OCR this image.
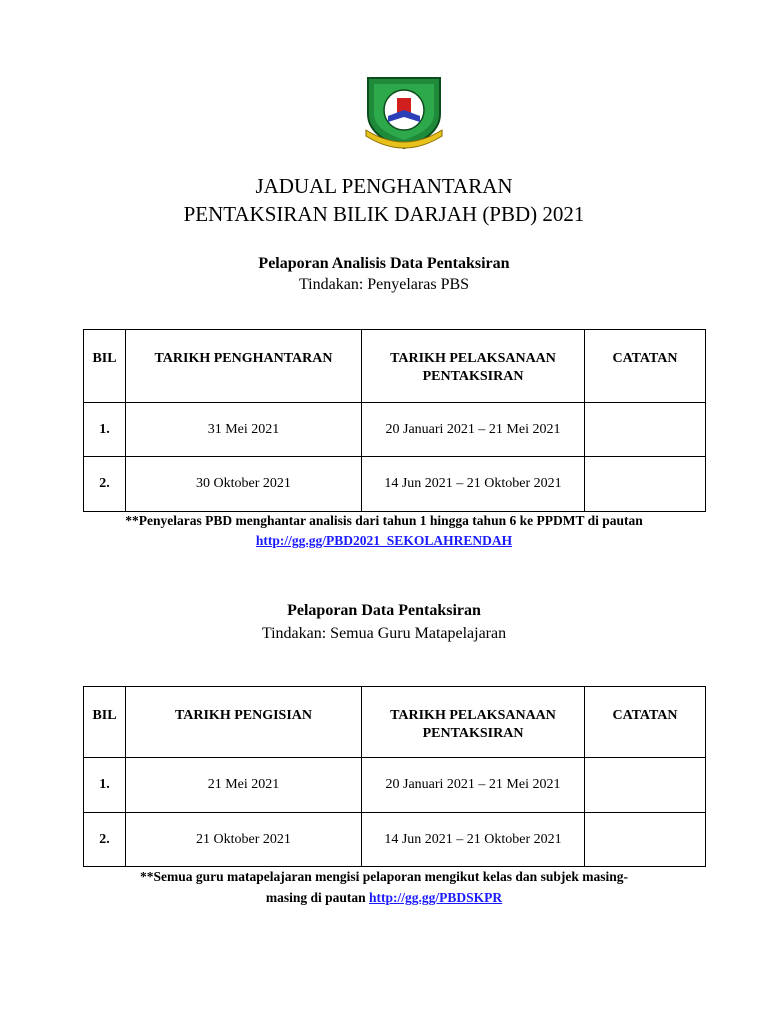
JADUAL PENGHANTARAN
PENTAKSIRAN BILIK DARJAH (PBD) 2021
Pelaporan Analisis Data Pentaksiran
Tindakan: Penyelaras PBS
BIL	TARIKH PENGHANTARAN	TARIKH PELAKSANAAN PENTAKSIRAN	CATATAN
1.	31 Mei 2021	20 Januari 2021 – 21 Mei 2021	
2.	30 Oktober 2021	14 Jun 2021 – 21 Oktober 2021	
**Penyelaras PBD menghantar analisis dari tahun 1 hingga tahun 6 ke PPDMT di pautan
http://gg.gg/PBD2021_SEKOLAHRENDAH
Pelaporan Data Pentaksiran
Tindakan: Semua Guru Matapelajaran
BIL	TARIKH PENGISIAN	TARIKH PELAKSANAAN PENTAKSIRAN	CATATAN
1.	21 Mei 2021	20 Januari 2021 – 21 Mei 2021	
2.	21 Oktober 2021	14 Jun 2021 – 21 Oktober 2021	
**Semua guru matapelajaran mengisi pelaporan mengikut kelas dan subjek masing-
masing di pautan http://gg.gg/PBDSKPR
